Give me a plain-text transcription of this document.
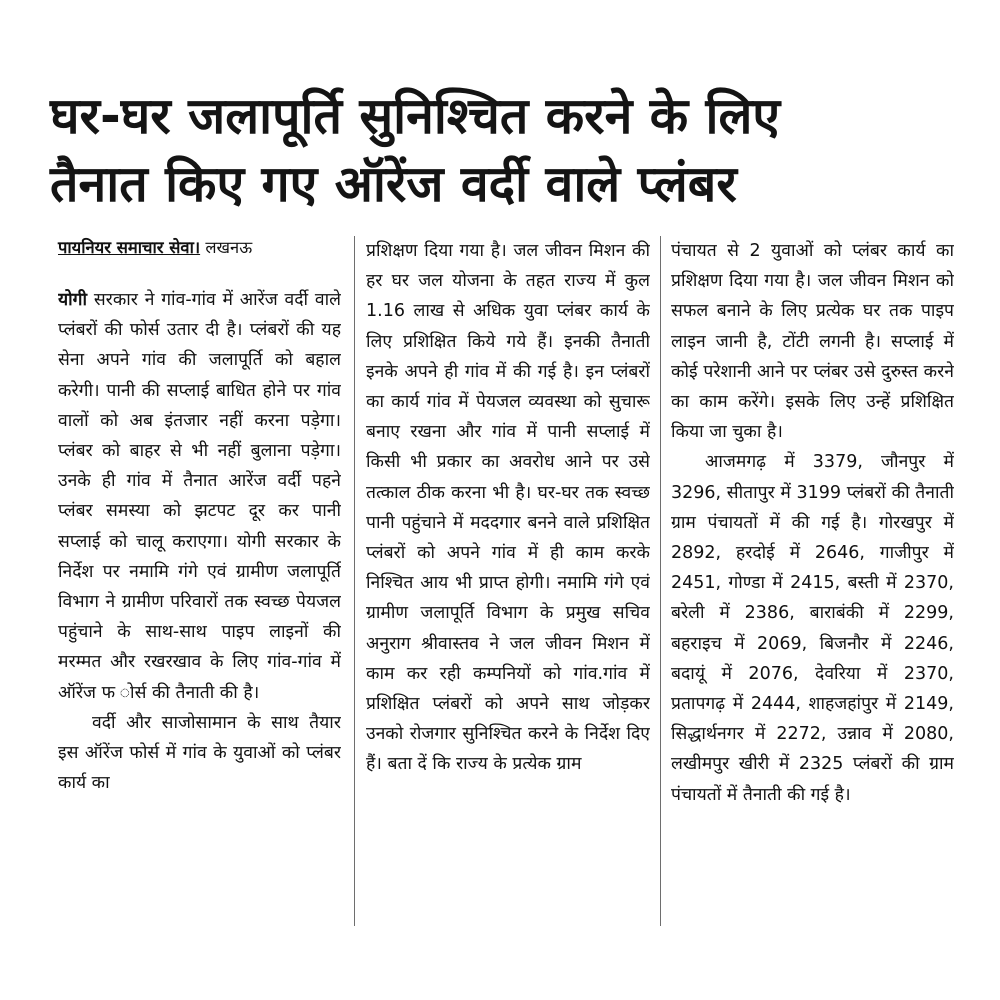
घर-घर जलापूर्ति सुनिश्चित करने के लिए
तैनात किए गए ऑरेंज वर्दी वाले प्लंबर
पायनियर समाचार सेवा। लखनऊ

योगी सरकार ने गांव-गांव में आरेंज वर्दी वाले प्लंबरों की फोर्स उतार दी है। प्लंबरों की यह सेना अपने गांव की जलापूर्ति को बहाल करेगी। पानी की सप्लाई बाधित होने पर गांव वालों को अब इंतजार नहीं करना पड़ेगा। प्लंबर को बाहर से भी नहीं बुलाना पड़ेगा। उनके ही गांव में तैनात आरेंज वर्दी पहने प्लंबर समस्या को झटपट दूर कर पानी सप्लाई को चालू कराएगा। योगी सरकार के निर्देश पर नमामि गंगे एवं ग्रामीण जलापूर्ति विभाग ने ग्रामीण परिवारों तक स्वच्छ पेयजल पहुंचाने के साथ-साथ पाइप लाइनों की मरम्मत और रखरखाव के लिए गांव-गांव में ऑरेंज फ ोर्स की तैनाती की है।

वर्दी और साजोसामान के साथ तैयार इस ऑरेंज फोर्स में गांव के युवाओं को प्लंबर कार्य का

प्रशिक्षण दिया गया है। जल जीवन मिशन की हर घर जल योजना के तहत राज्य में कुल 1.16 लाख से अधिक युवा प्लंबर कार्य के लिए प्रशिक्षित किये गये हैं। इनकी तैनाती इनके अपने ही गांव में की गई है। इन प्लंबरों का कार्य गांव में पेयजल व्यवस्था को सुचारू बनाए रखना और गांव में पानी सप्लाई में किसी भी प्रकार का अवरोध आने पर उसे तत्काल ठीक करना भी है। घर-घर तक स्वच्छ पानी पहुंचाने में मददगार बनने वाले प्रशिक्षित प्लंबरों को अपने गांव में ही काम करके निश्चित आय भी प्राप्त होगी। नमामि गंगे एवं ग्रामीण जलापूर्ति विभाग के प्रमुख सचिव अनुराग श्रीवास्तव ने जल जीवन मिशन में काम कर रही कम्पनियों को गांव.गांव में प्रशिक्षित प्लंबरों को अपने साथ जोड़कर उनको रोजगार सुनिश्चित करने के निर्देश दिए हैं। बता दें कि राज्य के प्रत्येक ग्राम

पंचायत से 2 युवाओं को प्लंबर कार्य का प्रशिक्षण दिया गया है। जल जीवन मिशन को सफल बनाने के लिए प्रत्येक घर तक पाइप लाइन जानी है, टोंटी लगनी है। सप्लाई में कोई परेशानी आने पर प्लंबर उसे दुरुस्त करने का काम करेंगे। इसके लिए उन्हें प्रशिक्षित किया जा चुका है।

आजमगढ़ में 3379, जौनपुर में 3296, सीतापुर में 3199 प्लंबरों की तैनाती ग्राम पंचायतों में की गई है। गोरखपुर में 2892, हरदोई में 2646, गाजीपुर में 2451, गोण्डा में 2415, बस्ती में 2370, बरेली में 2386, बाराबंकी में 2299, बहराइच में 2069, बिजनौर में 2246, बदायूं में 2076, देवरिया में 2370, प्रतापगढ़ में 2444, शाहजहांपुर में 2149, सिद्धार्थनगर में 2272, उन्नाव में 2080, लखीमपुर खीरी में 2325 प्लंबरों की ग्राम पंचायतों में तैनाती की गई है।
